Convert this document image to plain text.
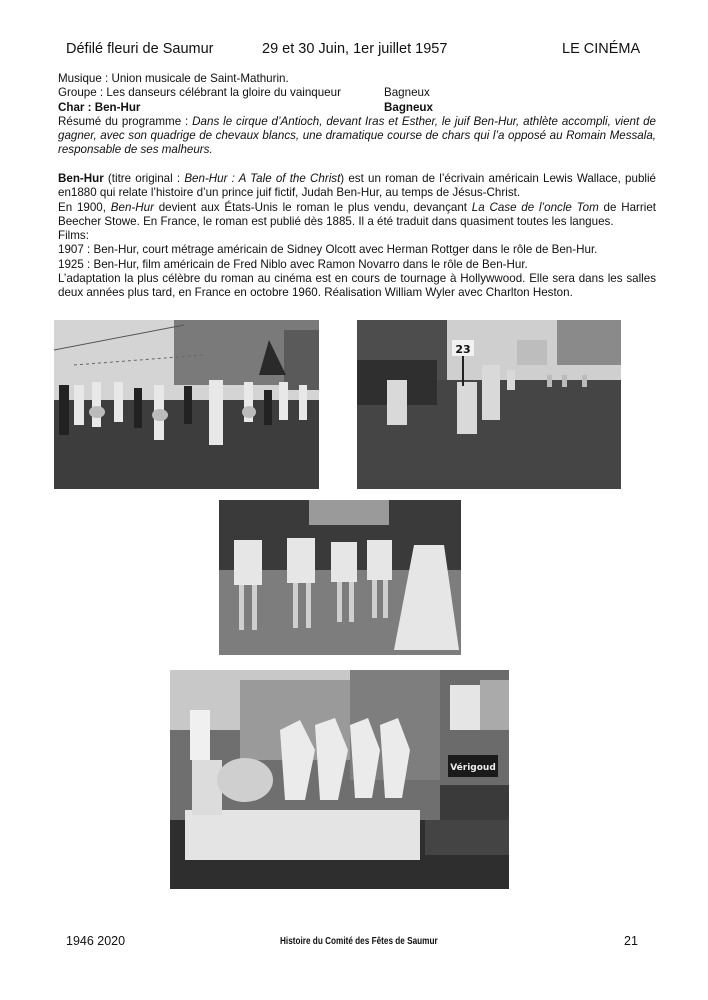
Défilé fleuri de Saumur	29 et 30 Juin, 1er juillet 1957	LE CINÉMA
Musique : Union musicale de Saint-Mathurin.
Groupe : Les danseurs célébrant la gloire du vainqueur	Bagneux
Char : Ben-Hur	Bagneux
Résumé du programme : Dans le cirque d’Antioch, devant Iras et Esther, le juif Ben-Hur, athlète accompli, vient de gagner, avec son quadrige de chevaux blancs, une dramatique course de chars qui l’a opposé au Romain Messala, responsable de ses malheurs.
Ben-Hur (titre original : Ben-Hur : A Tale of the Christ) est un roman de l’écrivain américain Lewis Wallace, publié en1880 qui relate l’histoire d’un prince juif fictif, Judah Ben-Hur, au temps de Jésus-Christ.
En 1900, Ben-Hur devient aux États-Unis le roman le plus vendu, devançant La Case de l’oncle Tom de Harriet Beecher Stowe. En France, le roman est publié dès 1885. Il a été traduit dans quasiment toutes les langues.
Films:
1907 : Ben-Hur, court métrage américain de Sidney Olcott avec Herman Rottger dans le rôle de Ben-Hur.
1925 : Ben-Hur, film américain de Fred Niblo avec Ramon Novarro dans le rôle de Ben-Hur.
L’adaptation la plus célèbre du roman au cinéma est en cours de tournage à Hollywwood. Elle sera dans les salles deux années plus tard, en France en octobre 1960. Réalisation William Wyler avec Charlton Heston.
23
Vérigoud
1946 2020	Histoire du Comité des Fêtes de Saumur	21
